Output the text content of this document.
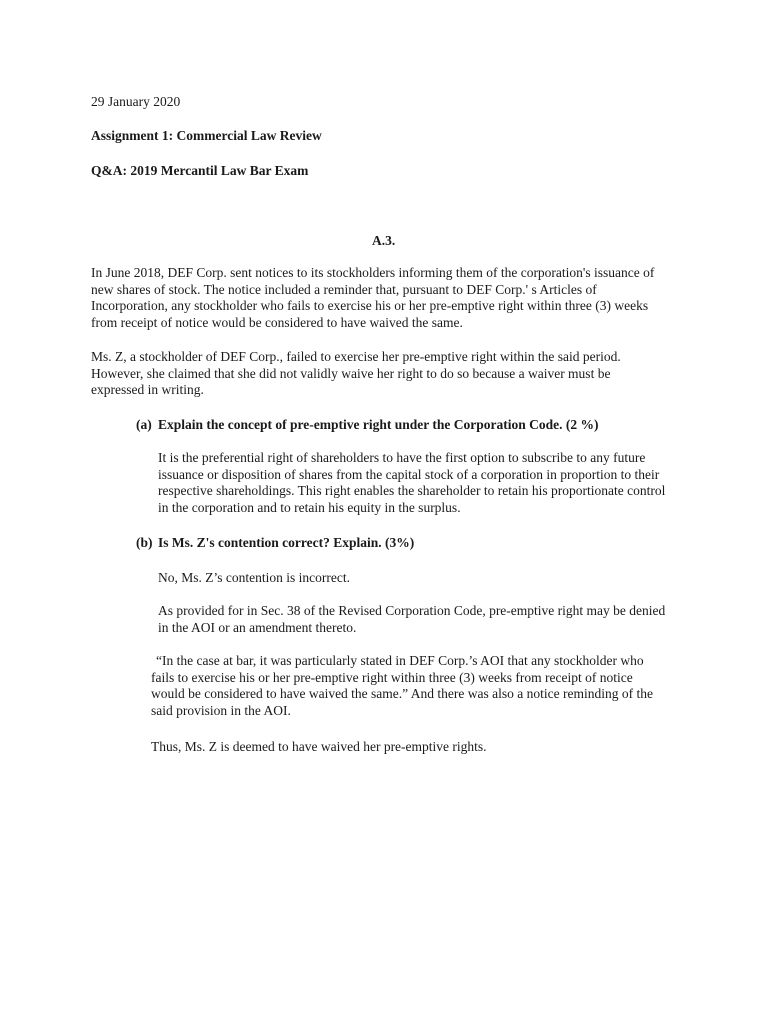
29 January 2020
Assignment 1: Commercial Law Review
Q&A: 2019 Mercantil Law Bar Exam
A.3.
In June 2018, DEF Corp. sent notices to its stockholders informing them of the corporation's issuance of
new shares of stock. The notice included a reminder that, pursuant to DEF Corp.' s Articles of
Incorporation, any stockholder who fails to exercise his or her pre-emptive right within three (3) weeks
from receipt of notice would be considered to have waived the same.
Ms. Z, a stockholder of DEF Corp., failed to exercise her pre-emptive right within the said period.
However, she claimed that she did not validly waive her right to do so because a waiver must be
expressed in writing.
(a) Explain the concept of pre-emptive right under the Corporation Code. (2 %)
It is the preferential right of shareholders to have the first option to subscribe to any future
issuance or disposition of shares from the capital stock of a corporation in proportion to their
respective shareholdings. This right enables the shareholder to retain his proportionate control
in the corporation and to retain his equity in the surplus.
(b) Is Ms. Z's contention correct? Explain. (3%)
No, Ms. Z’s contention is incorrect.
As provided for in Sec. 38 of the Revised Corporation Code, pre-emptive right may be denied
in the AOI or an amendment thereto.
“In the case at bar, it was particularly stated in DEF Corp.’s AOI that any stockholder who
fails to exercise his or her pre-emptive right within three (3) weeks from receipt of notice
would be considered to have waived the same.” And there was also a notice reminding of the
said provision in the AOI.
Thus, Ms. Z is deemed to have waived her pre-emptive rights.
